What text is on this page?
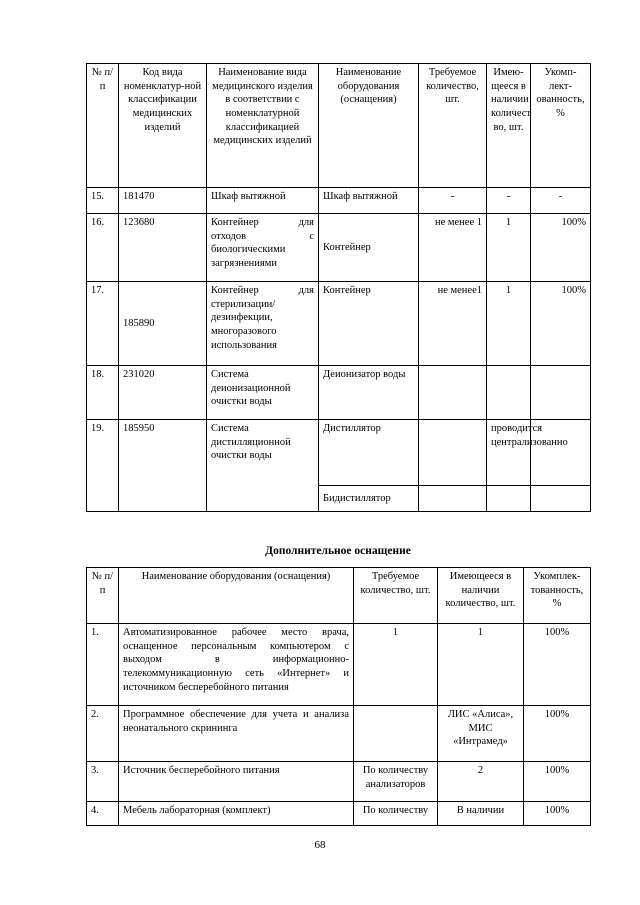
№ п/п	Код вида номенклатур-ной классификации медицинских изделий	Наименование вида медицинского изделия в соответствии с номенклатурной классификацией медицинских изделий	Наименование оборудования (оснащения)	Требуемое количество, шт.	Имею-щееся в наличии количест во, шт.	Укомп-лект-ованность, %
15.	181470	Шкаф вытяжной	Шкаф вытяжной	-	-	-
16.	123680	Контейнер для отходов с биологическими загрязнениями	Контейнер	не менее 1	1	100%
17.	185890	Контейнер для стерилизации/дезинфекции, многоразового использования	Контейнер	не менее1	1	100%
18.	231020	Система деионизационной очистки воды	Деионизатор воды			
19.	185950	Система дистилляционной очистки воды	Дистиллятор		проводится централизованно	
			Бидистиллятор			
Дополнительное оснащение
№ п/п	Наименование оборудования (оснащения)	Требуемое количество, шт.	Имеющееся в наличии количество, шт.	Укомплек-тованность, %
1.	Автоматизированное рабочее место врача, оснащенное персональным компьютером с выходом в информационно-телекоммуникационную сеть «Интернет» и источником бесперебойного питания	1	1	100%
2.	Программное обеспечение для учета и анализа неонатального скрининга		ЛИС «Алиса», МИС «Интрамед»	100%
3.	Источник бесперебойного питания	По количеству анализаторов	2	100%
4.	Мебель лабораторная (комплект)	По количеству	В наличии	100%
68
